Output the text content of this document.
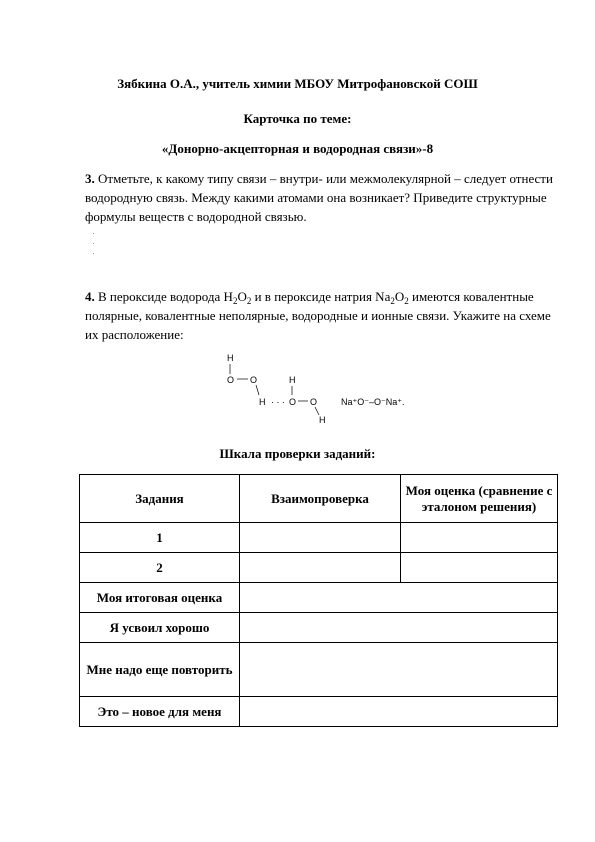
Зябкина О.А., учитель химии МБОУ Митрофановской СОШ
Карточка по теме:
«Донорно-акцепторная и водородная связи»-8
3. Отметьте, к какому типу связи – внутри- или межмолекулярной – следует отнести водородную связь. Между какими атомами она возникает? Приведите структурные формулы веществ с водородной связью.
4. В пероксиде водорода $H_2O_2$ и в пероксиде натрия $Na_2O_2$ имеются ковалентные полярные, ковалентные неполярные, водородные и ионные связи. Укажите на схеме их расположение:
H
O O
H · · ·
H
O O
H
Na⁺O⁻–O⁻Na⁺.
Шкала проверки заданий:
Задания	Взаимопроверка	Моя оценка (сравнение с эталоном решения)
1		
2		
Моя итоговая оценка		
Я усвоил хорошо		
Мне надо еще повторить		
Это – новое для меня		
